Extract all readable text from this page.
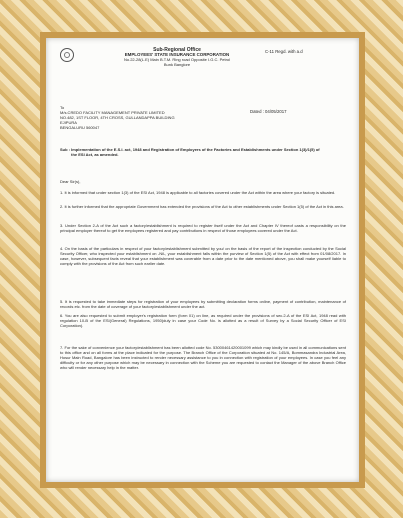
Sub-Regional Office
EMPLOYEES' STATE INSURANCE CORPORATION
No.22-28(L.E) Main B.T.M. Ring road Opposite I.G.C. Petrol
Bunk Banglore
C-11 Regd. with a.d
To
M/s.CREDO FACILITY MANAGEMENT PRIVATE LIMITED
NO.482, 1ST FLOOR, 4TH CROSS, GULLANDAPPA BUILDING
EJIPURA
BENGALURU 560047
Dated : 04/05/2017
Sub : Implementation of the E.S.I. act, 1948 and Registration of Employers of the Factories and Establishments under Section 1(3)/1(5) of the ESI Act, as amended.
Dear Sir(s),
1. It is informed that under section 1(3) of the ESI Act, 1948 is applicable to all factories covered under the Act within the area where your factory is situated.
2. It is further informed that the appropriate Government has extended the provisions of the Act to other establishments under Section 1(5) of the Act in this area.
3. Under Section 2-A of the Act such a factory/establishment is required to register itself under the Act and Chapter IV thereof casts a responsibility on the principal employer thereof to get the employees registered and pay contributions in respect of those employees covered under the Act.
4. On the basis of the particulars in respect of your factory/establishment submitted by you/ on the basis of the report of the inspection conducted by the Social Security Officer, who inspected your establishment on -Nil-, your establishment falls within the purview of Section 1(5) of the Act with effect from 01/08/2017. In case, however, subsequent facts reveal that your establishment was coverable from a date prior to the date mentioned above, you shall make yourself liable to comply with the provisions of the Act from such earlier date.
5. It is requested to take immediate steps for registration of your employees by submitting declaration forms online, payment of contribution, maintenance of records etc. from the date of coverage of your factory/establishment under the act.
6. You are also requested to submit employer's registration form (form 01) on line, as required under the provisions of sec.2-A of the ESI Act, 1948 read with regulation 10-B of the ESI(General) Regulations, 1950(duly in case your Code No. is allotted as a result of Survey by a Social Security Officer of ESI Corporation).
7. For the sake of convenience your factory/establishment has been allotted code No. 53000461420001099 which may kindly be used in all communications sent to this office and on all forms at the place indicated for the purpose. The Branch Office of the Corporation situated at No. 145/A, Bommasandra Industrial Area, Hosur Main Road, Bangalore has been instructed to render necessary assistance to you in connection with registration of your employees. In case you feel any difficulty or for any other purpose which may be necessary in connection with the Scheme you are requested to contact the Manager of the above Branch Office who will render necessary help in the matter.
